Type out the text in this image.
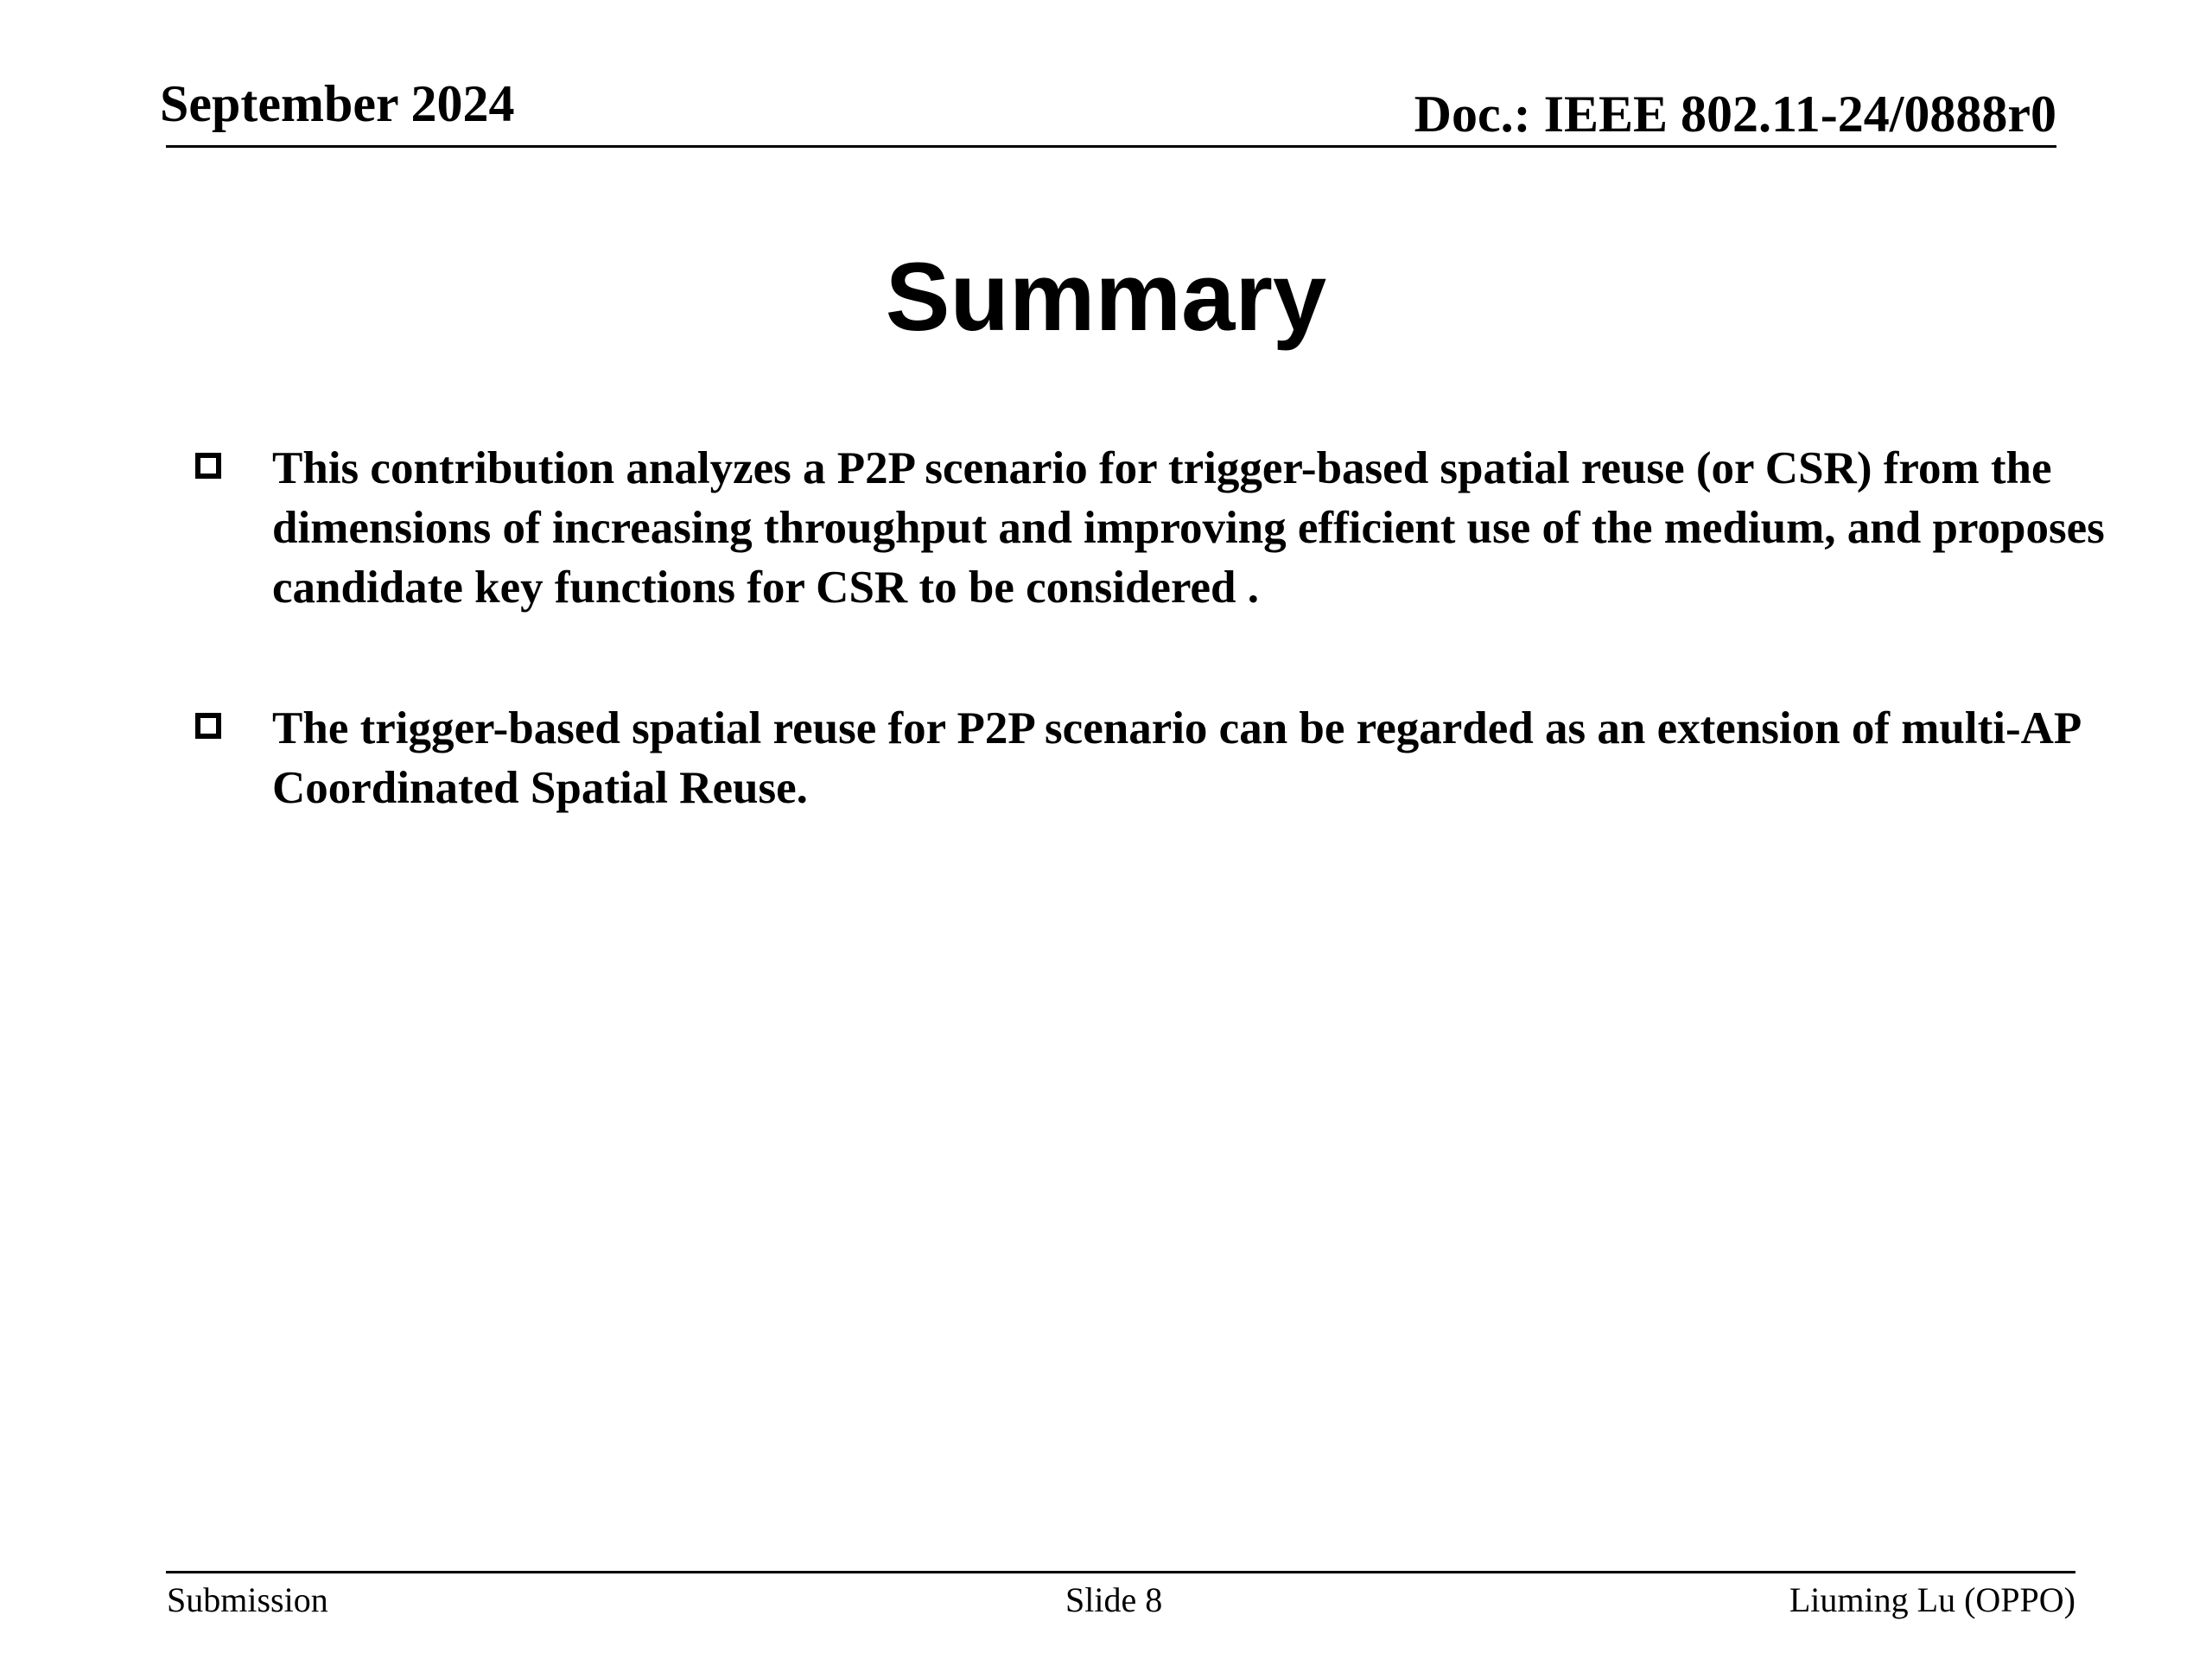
September 2024	Doc.: IEEE 802.11-24/0888r0
Summary
This contribution analyzes a P2P scenario for trigger-based spatial reuse (or CSR) from the dimensions of increasing throughput and improving efficient use of the medium, and proposes candidate key functions for CSR to be considered .
The trigger-based spatial reuse for P2P scenario can be regarded as an extension of multi-AP Coordinated Spatial Reuse.
Submission	Slide 8	Liuming Lu (OPPO)
